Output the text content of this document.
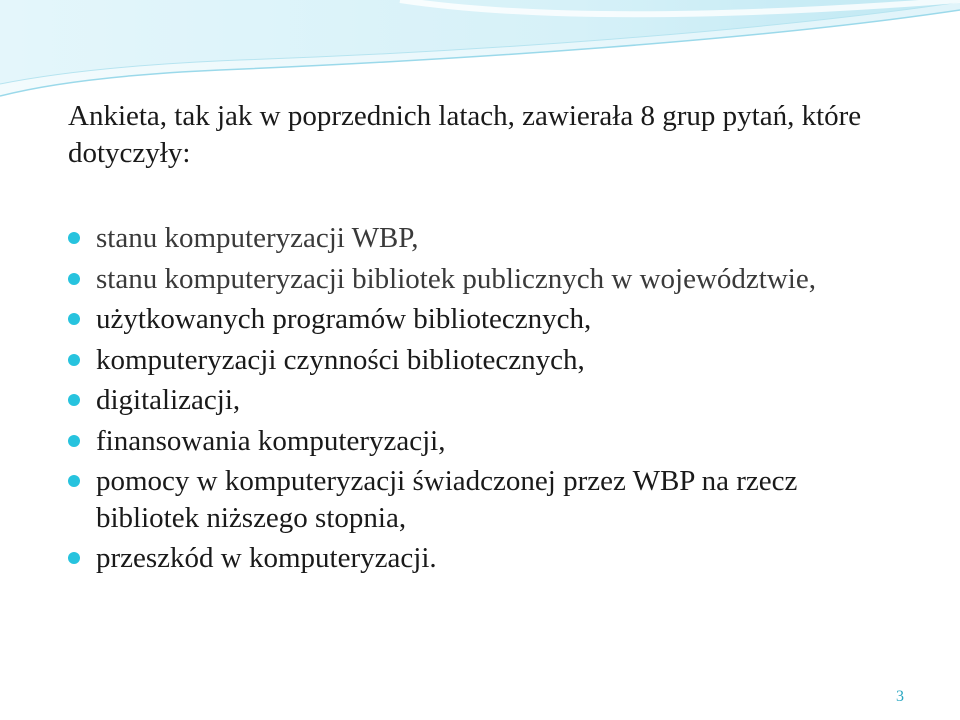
Ankieta, tak jak w poprzednich latach, zawierała 8 grup pytań, które dotyczyły:

stanu komputeryzacji WBP,
stanu komputeryzacji bibliotek publicznych w województwie,
użytkowanych programów bibliotecznych,
komputeryzacji czynności bibliotecznych,
digitalizacji,
finansowania komputeryzacji,
pomocy w komputeryzacji świadczonej przez WBP na rzecz bibliotek niższego stopnia,
przeszkód w komputeryzacji.
3
